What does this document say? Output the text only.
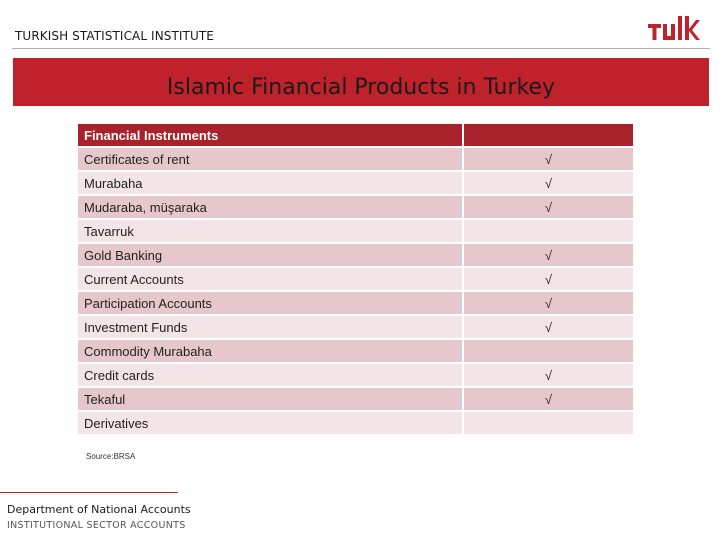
TURKISH STATISTICAL INSTITUTE
Islamic Financial Products in Turkey
Financial Instruments	
Certificates of rent	√
Murabaha	√
Mudaraba, müşaraka	√
Tavarruk	
Gold Banking	√
Current Accounts	√
Participation Accounts	√
Investment Funds	√
Commodity Murabaha	
Credit cards	√
Tekaful	√
Derivatives	
Source:BRSA
Department of National Accounts
INSTITUTIONAL SECTOR ACCOUNTS
